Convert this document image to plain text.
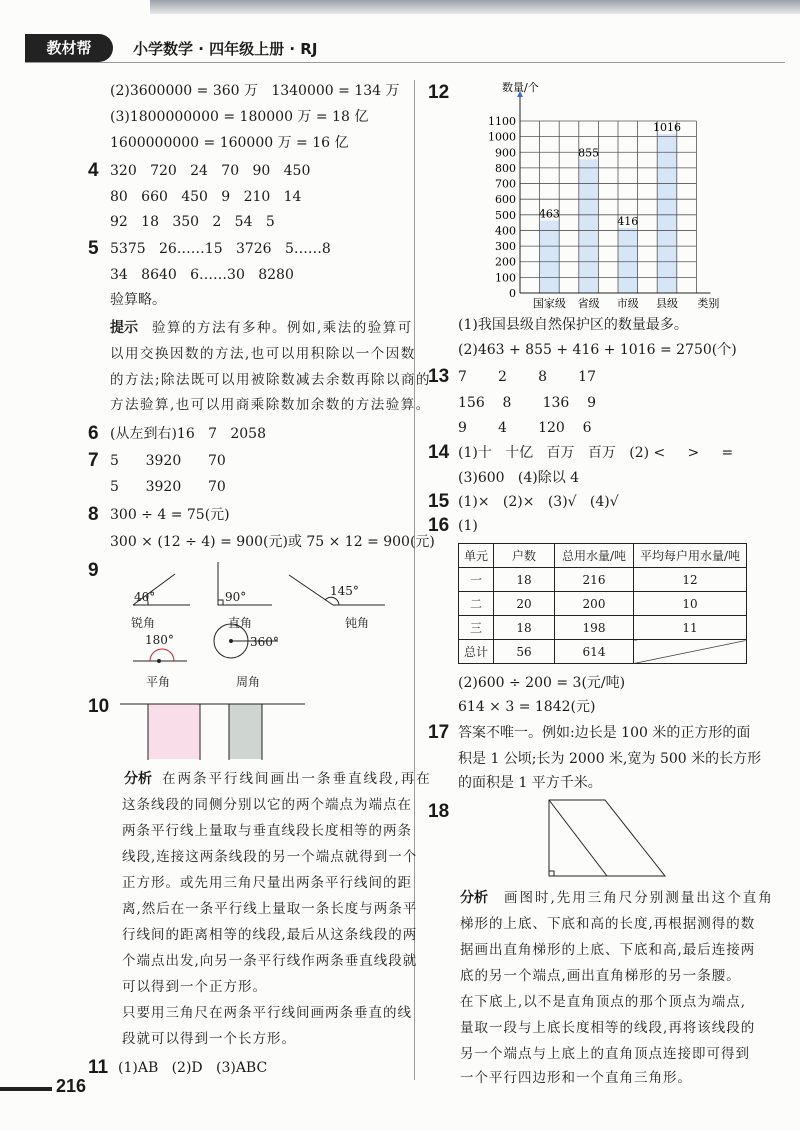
教材帮	小学数学 · 四年级上册 · RJ
(2)3600000 = 360 万   1340000 = 134 万
(3)1800000000 = 180000 万 = 18 亿
1600000000 = 160000 万 = 16 亿
4 320   720   24   70   90   450
80   660   450   9   210   14
92   18   350   2   54   5
5 5375   26……15   3726   5……8
34   8640   6……30   8280
验算略。
提示 验算的方法有多种。例如,乘法的验算可
以用交换因数的方法,也可以用积除以一个因数
的方法;除法既可以用被除数减去余数再除以商的
方法验算,也可以用商乘除数加余数的方法验算。
6 (从左到右)16   7   2058
7 5      3920      70
5      3920      70
8 300 ÷ 4 = 75(元)
300 × (12 ÷ 4) = 900(元)或 75 × 12 = 900(元)
9
40°
锐角
90°
直角
145°
钝角
180°
平角
360°
周角
10
分析 在两条平行线间画出一条垂直线段,再在
这条线段的同侧分别以它的两个端点为端点在
两条平行线上量取与垂直线段长度相等的两条
线段,连接这两条线段的另一个端点就得到一个
正方形。或先用三角尺量出两条平行线间的距
离,然后在一条平行线上量取一条长度与两条平
行线间的距离相等的线段,最后从这条线段的两
个端点出发,向另一条平行线作两条垂直线段就
可以得到一个正方形。
只要用三角尺在两条平行线间画两条垂直的线
段就可以得到一个长方形。
11 (1)AB   (2)D   (3)ABC
216
12
0
100
200
300
400
500
600
700
800
900
1000
1100
数量/个
国家级
463
省级
855
市级
416
县级
1016
类别
(1)我国县级自然保护区的数量最多。
(2)463 + 855 + 416 + 1016 = 2750(个)
13 7       2       8       17
156    8       136    9
9       4       120    6
14 (1)十   十亿   百万   百万   (2) <     >     =
(3)600   (4)除以 4
15 (1)×   (2)×   (3)√   (4)√
16 (1)
单元	户数	总用水量/吨	平均每户用水量/吨
一	18	216	12
二	20	200	10
三	18	198	11
总计	56	614	
(2)600 ÷ 200 = 3(元/吨)
614 × 3 = 1842(元)
17 答案不唯一。例如:边长是 100 米的正方形的面
积是 1 公顷;长为 2000 米,宽为 500 米的长方形
的面积是 1 平方千米。
18
分析 画图时,先用三角尺分别测量出这个直角
梯形的上底、下底和高的长度,再根据测得的数
据画出直角梯形的上底、下底和高,最后连接两
底的另一个端点,画出直角梯形的另一条腰。
在下底上,以不是直角顶点的那个顶点为端点,
量取一段与上底长度相等的线段,再将该线段的
另一个端点与上底上的直角顶点连接即可得到
一个平行四边形和一个直角三角形。
